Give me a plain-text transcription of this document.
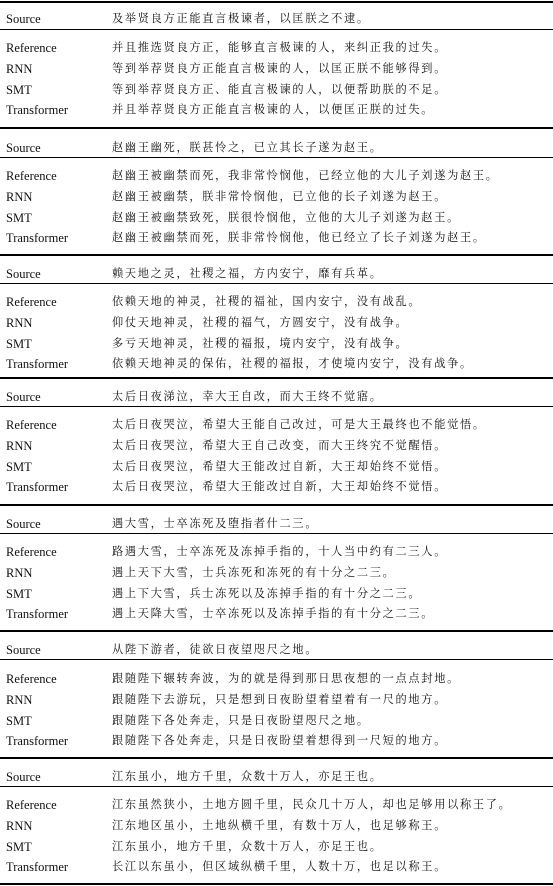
Source	及举贤良方正能直言极谏者，以匡朕之不逮。
Reference	并且推选贤良方正，能够直言极谏的人，来纠正我的过失。
RNN	等到举荐贤良方正能直言极谏的人，以匡正朕不能够得到。
SMT	等到举荐贤良方正、能直言极谏的人，以便帮助朕的不足。
Transformer	并且举荐贤良方正能直言极谏的人，以便匡正朕的过失。
Source	赵幽王幽死，朕甚怜之，已立其长子遂为赵王。
Reference	赵幽王被幽禁而死，我非常怜悯他，已经立他的大儿子刘遂为赵王。
RNN	赵幽王被幽禁，朕非常怜悯他，已立他的长子刘遂为赵王。
SMT	赵幽王被幽禁致死，朕很怜悯他，立他的大儿子刘遂为赵王。
Transformer	赵幽王被幽禁而死，朕非常怜悯他，他已经立了长子刘遂为赵王。
Source	赖天地之灵，社稷之福，方内安宁，靡有兵革。
Reference	依赖天地的神灵，社稷的福祉，国内安宁，没有战乱。
RNN	仰仗天地神灵，社稷的福气，方圆安宁，没有战争。
SMT	多亏天地神灵，社稷的福报，境内安宁，没有战争。
Transformer	依赖天地神灵的保佑，社稷的福报，才使境内安宁，没有战争。
Source	太后日夜涕泣，幸大王自改，而大王终不觉寤。
Reference	太后日夜哭泣，希望大王能自己改过，可是大王最终也不能觉悟。
RNN	太后日夜哭泣，希望大王自己改变，而大王终究不觉醒悟。
SMT	太后日夜哭泣，希望大王能改过自新，大王却始终不觉悟。
Transformer	太后日夜哭泣，希望大王能改过自新，大王却始终不觉悟。
Source	遇大雪，士卒冻死及堕指者什二三。
Reference	路遇大雪，士卒冻死及冻掉手指的，十人当中约有二三人。
RNN	遇上天下大雪，士兵冻死和冻死的有十分之二三。
SMT	遇上下大雪，兵士冻死以及冻掉手指的有十分之二三。
Transformer	遇上天降大雪，士卒冻死以及冻掉手指的有十分之二三。
Source	从陛下游者，徒欲日夜望咫尺之地。
Reference	跟随陛下辗转奔波，为的就是得到那日思夜想的一点点封地。
RNN	跟随陛下去游玩，只是想到日夜盼望着望着有一尺的地方。
SMT	跟随陛下各处奔走，只是日夜盼望咫尺之地。
Transformer	跟随陛下各处奔走，只是日夜盼望着想得到一尺短的地方。
Source	江东虽小，地方千里，众数十万人，亦足王也。
Reference	江东虽然狭小，土地方圆千里，民众几十万人，却也足够用以称王了。
RNN	江东地区虽小，土地纵横千里，有数十万人，也足够称王。
SMT	江东虽小，地方千里，众数十万人，亦足王也。
Transformer	长江以东虽小，但区域纵横千里，人数十万，也足以称王。
